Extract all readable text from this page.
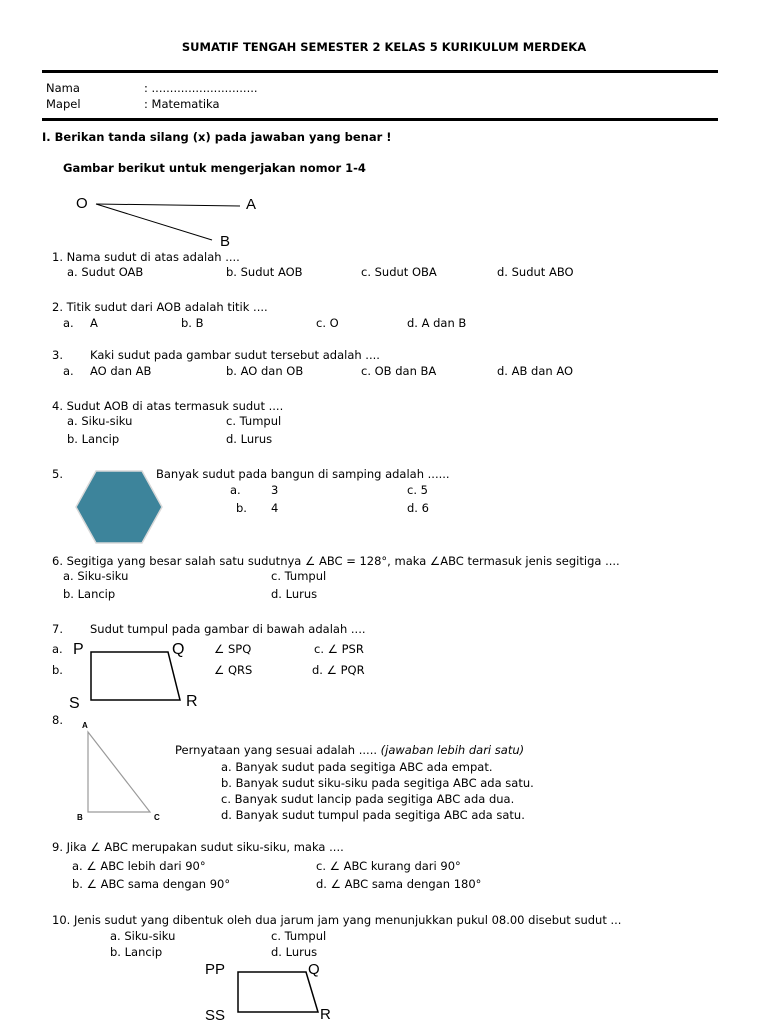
SUMATIF TENGAH SEMESTER 2 KELAS 5 KURIKULUM MERDEKA
Nama	: .............................
Mapel	: Matematika
I. Berikan tanda silang (x) pada jawaban yang benar !
Gambar berikut untuk mengerjakan nomor 1-4
O	A
B
1. Nama sudut di atas adalah ....
a. Sudut OAB	b. Sudut AOB	c. Sudut OBA	d. Sudut ABO
2. Titik sudut dari AOB adalah titik ....
a. A	b. B	c. O	d. A dan B
3. Kaki sudut pada gambar sudut tersebut adalah ....
a. AO dan AB	b. AO dan OB	c. OB dan BA	d. AB dan AO
4. Sudut AOB di atas termasuk sudut ....
a. Siku-siku	c. Tumpul
b. Lancip	d. Lurus
5.	Banyak sudut pada bangun di samping adalah ......
a.	3	c. 5
b. 4	d. 6
6. Segitiga yang besar salah satu sudutnya ∠ ABC = 128°, maka ∠ABC termasuk jenis segitiga ....
a. Siku-siku	c. Tumpul
b. Lancip	d. Lurus
7. Sudut tumpul pada gambar di bawah adalah ....
a.
b.
P	Q
S	R
∠ SPQ	c. ∠ PSR
∠ QRS	d. ∠ PQR
8. A
B	C
Pernyataan yang sesuai adalah ..... (jawaban lebih dari satu)
a. Banyak sudut pada segitiga ABC ada empat.
b. Banyak sudut siku-siku pada segitiga ABC ada satu.
c. Banyak sudut lancip pada segitiga ABC ada dua.
d. Banyak sudut tumpul pada segitiga ABC ada satu.
9. Jika ∠ ABC merupakan sudut siku-siku, maka ....
a. ∠ ABC lebih dari 90°	c. ∠ ABC kurang dari 90°
b. ∠ ABC sama dengan 90°	d. ∠ ABC sama dengan 180°
10. Jenis sudut yang dibentuk oleh dua jarum jam yang menunjukkan pukul 08.00 disebut sudut ...
a. Siku-siku	c. Tumpul
b. Lancip	d. Lurus
PP	Q
SS	R
